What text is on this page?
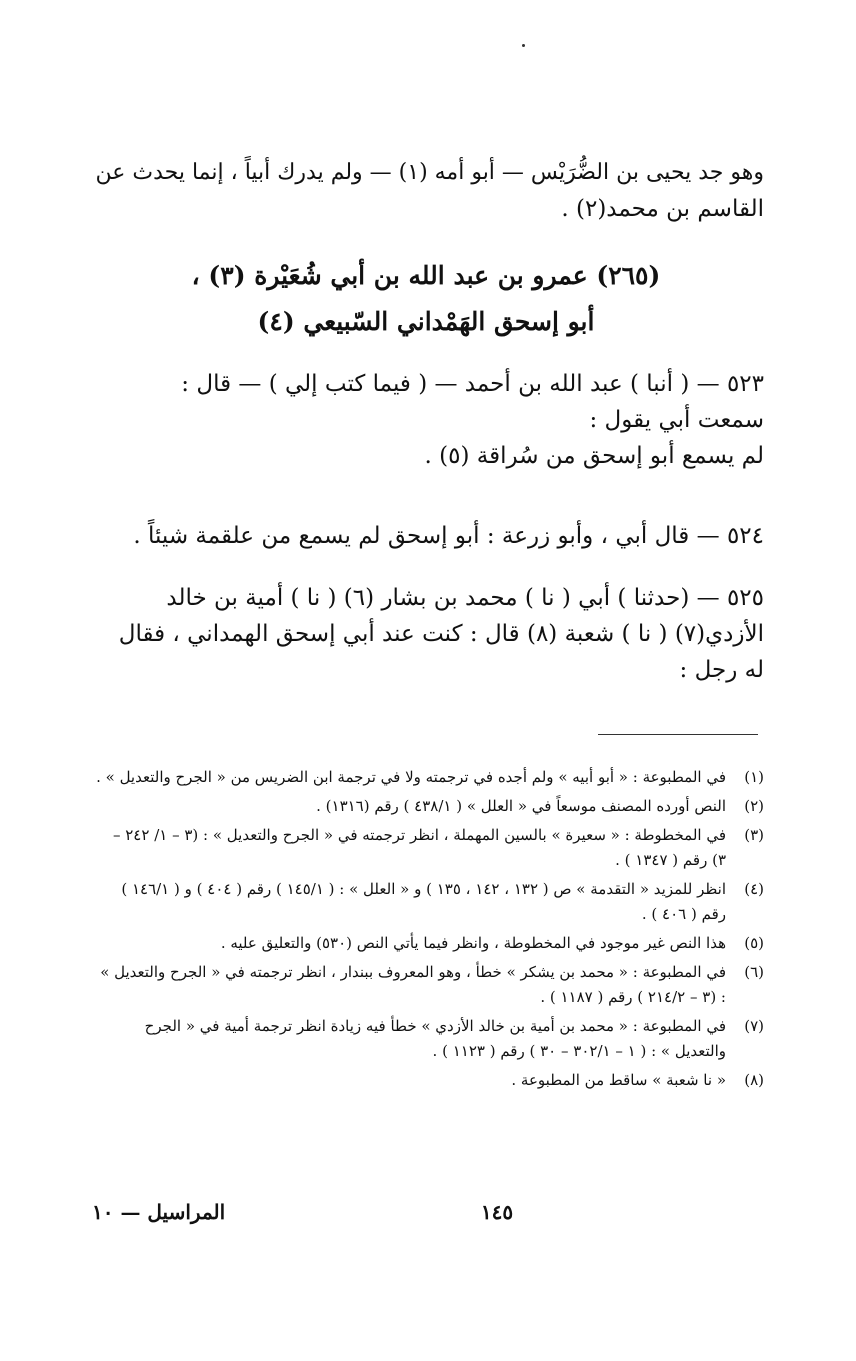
وهو جد يحيى بن الضُّرَيْس — أبو أمه (١) — ولم يدرك أبياً ، إنما يحدث عن
القاسم بن محمد(٢) .
(٢٦٥) عمرو بن عبد الله بن أبي شُعَيْرة (٣) ،
أبو إسحق الهَمْداني السّبيعي (٤)
٥٢٣ — ( أنبا ) عبد الله بن أحمد — ( فيما كتب إلي ) — قال :
سمعت أبي يقول :
لم يسمع أبو إسحق من سُراقة (٥) .
٥٢٤ — قال أبي ، وأبو زرعة : أبو إسحق لم يسمع من علقمة شيئاً .
٥٢٥ — (حدثنا ) أبي ( نا ) محمد بن بشار (٦) ( نا ) أمية بن خالد
الأزدي(٧) ( نا ) شعبة (٨) قال : كنت عند أبي إسحق الهمداني ، فقال
له رجل :
(١)
في المطبوعة : « أبو أبيه » ولم أجده في ترجمته ولا في ترجمة ابن الضريس من « الجرح والتعديل » .
(٢)
النص أورده المصنف موسعاً في « العلل » ( ٤٣٨/١ ) رقم (١٣١٦) .
(٣)
في المخطوطة : « سعيرة » بالسين المهملة ، انظر ترجمته في « الجرح والتعديل » : (٣ – ١/ ٢٤٢ – ٣) رقم ( ١٣٤٧ ) .
(٤)
انظر للمزيد « التقدمة » ص ( ١٣٢ ، ١٤٢ ، ١٣٥ ) و « العلل » : ( ١٤٥/١ ) رقم ( ٤٠٤ ) و ( ١٤٦/١ ) رقم ( ٤٠٦ ) .
(٥)
هذا النص غير موجود في المخطوطة ، وانظر فيما يأتي النص (٥٣٠) والتعليق عليه .
(٦)
في المطبوعة : « محمد بن يشكر » خطأ ، وهو المعروف ببندار ، انظر ترجمته في « الجرح والتعديل » : (٣ – ٢١٤/٢ ) رقم ( ١١٨٧ ) .
(٧)
في المطبوعة : « محمد بن أمية بن خالد الأزدي » خطأ فيه زيادة انظر ترجمة أمية في « الجرح والتعديل » : ( ١ – ٣٠٢/١ – ٣٠ ) رقم ( ١١٢٣ ) .
(٨)
« نا شعبة » ساقط من المطبوعة .
١٤٥
المراسيل — ١٠
